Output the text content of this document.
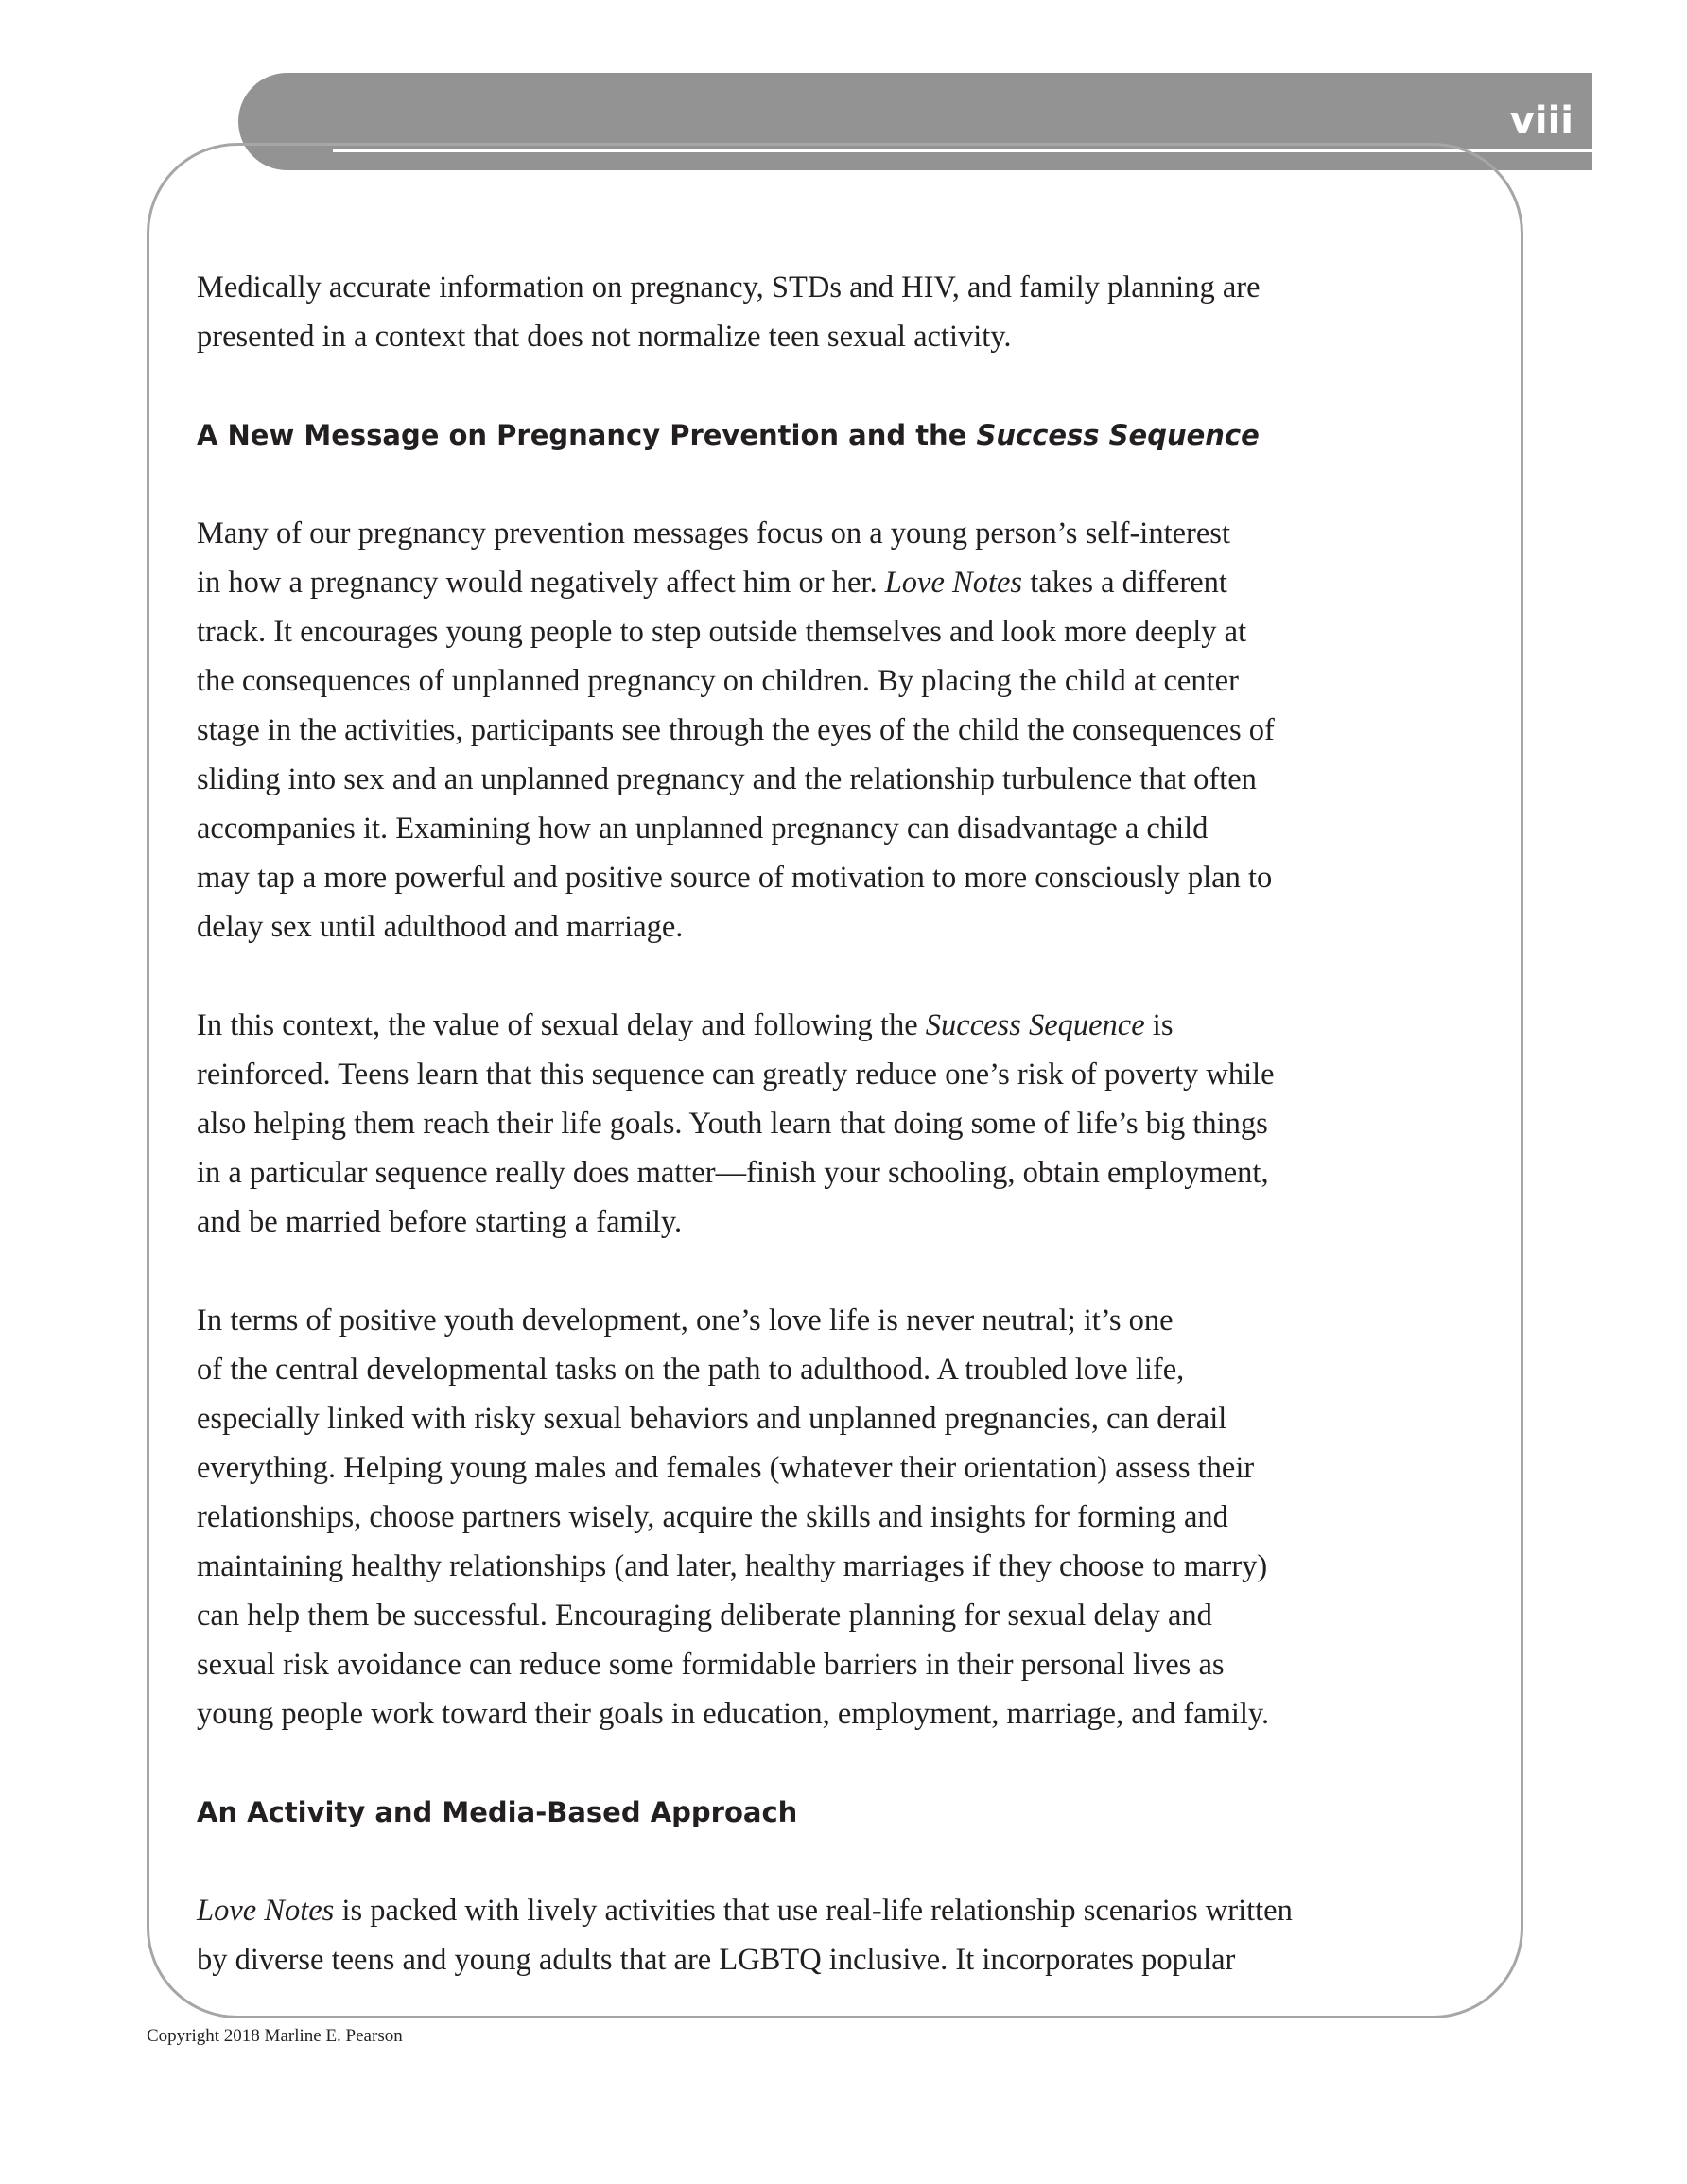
viii
Medically accurate information on pregnancy, STDs and HIV, and family planning are
presented in a context that does not normalize teen sexual activity.
A New Message on Pregnancy Prevention and the Success Sequence
Many of our pregnancy prevention messages focus on a young person’s self-interest
in how a pregnancy would negatively affect him or her. Love Notes takes a different
track. It encourages young people to step outside themselves and look more deeply at
the consequences of unplanned pregnancy on children. By placing the child at center
stage in the activities, participants see through the eyes of the child the consequences of
sliding into sex and an unplanned pregnancy and the relationship turbulence that often
accompanies it. Examining how an unplanned pregnancy can disadvantage a child
may tap a more powerful and positive source of motivation to more consciously plan to
delay sex until adulthood and marriage.
In this context, the value of sexual delay and following the Success Sequence is
reinforced. Teens learn that this sequence can greatly reduce one’s risk of poverty while
also helping them reach their life goals. Youth learn that doing some of life’s big things
in a particular sequence really does matter—finish your schooling, obtain employment,
and be married before starting a family.
In terms of positive youth development, one’s love life is never neutral; it’s one
of the central developmental tasks on the path to adulthood. A troubled love life,
especially linked with risky sexual behaviors and unplanned pregnancies, can derail
everything. Helping young males and females (whatever their orientation) assess their
relationships, choose partners wisely, acquire the skills and insights for forming and
maintaining healthy relationships (and later, healthy marriages if they choose to marry)
can help them be successful. Encouraging deliberate planning for sexual delay and
sexual risk avoidance can reduce some formidable barriers in their personal lives as
young people work toward their goals in education, employment, marriage, and family.
An Activity and Media-Based Approach
Love Notes is packed with lively activities that use real-life relationship scenarios written
by diverse teens and young adults that are LGBTQ inclusive. It incorporates popular
Copyright 2018 Marline E. Pearson
